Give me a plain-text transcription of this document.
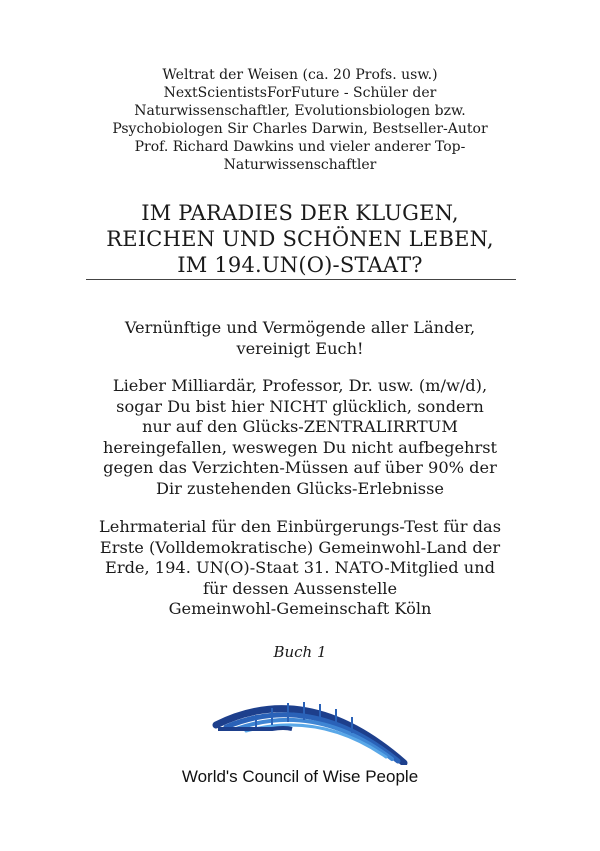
Weltrat der Weisen (ca. 20 Profs. usw.)
NextScientistsForFuture - Schüler der
Naturwissenschaftler, Evolutionsbiologen bzw.
Psychobiologen Sir Charles Darwin, Bestseller-Autor
Prof. Richard Dawkins und vieler anderer Top-
Naturwissenschaftler
IM PARADIES DER KLUGEN,
REICHEN UND SCHÖNEN LEBEN,
IM 194.UN(O)-STAAT?
Vernünftige und Vermögende aller Länder,
vereinigt Euch!
Lieber Milliardär, Professor, Dr. usw. (m/w/d),
sogar Du bist hier NICHT glücklich, sondern
nur auf den Glücks-ZENTRALIRRTUM
hereingefallen, weswegen Du nicht aufbegehrst
gegen das Verzichten-Müssen auf über 90% der
Dir zustehenden Glücks-Erlebnisse
Lehrmaterial für den Einbürgerungs-Test für das
Erste (Volldemokratische) Gemeinwohl-Land der
Erde, 194. UN(O)-Staat 31. NATO-Mitglied und
für dessen Aussenstelle
Gemeinwohl-Gemeinschaft Köln
Buch 1
World's Council of Wise People
